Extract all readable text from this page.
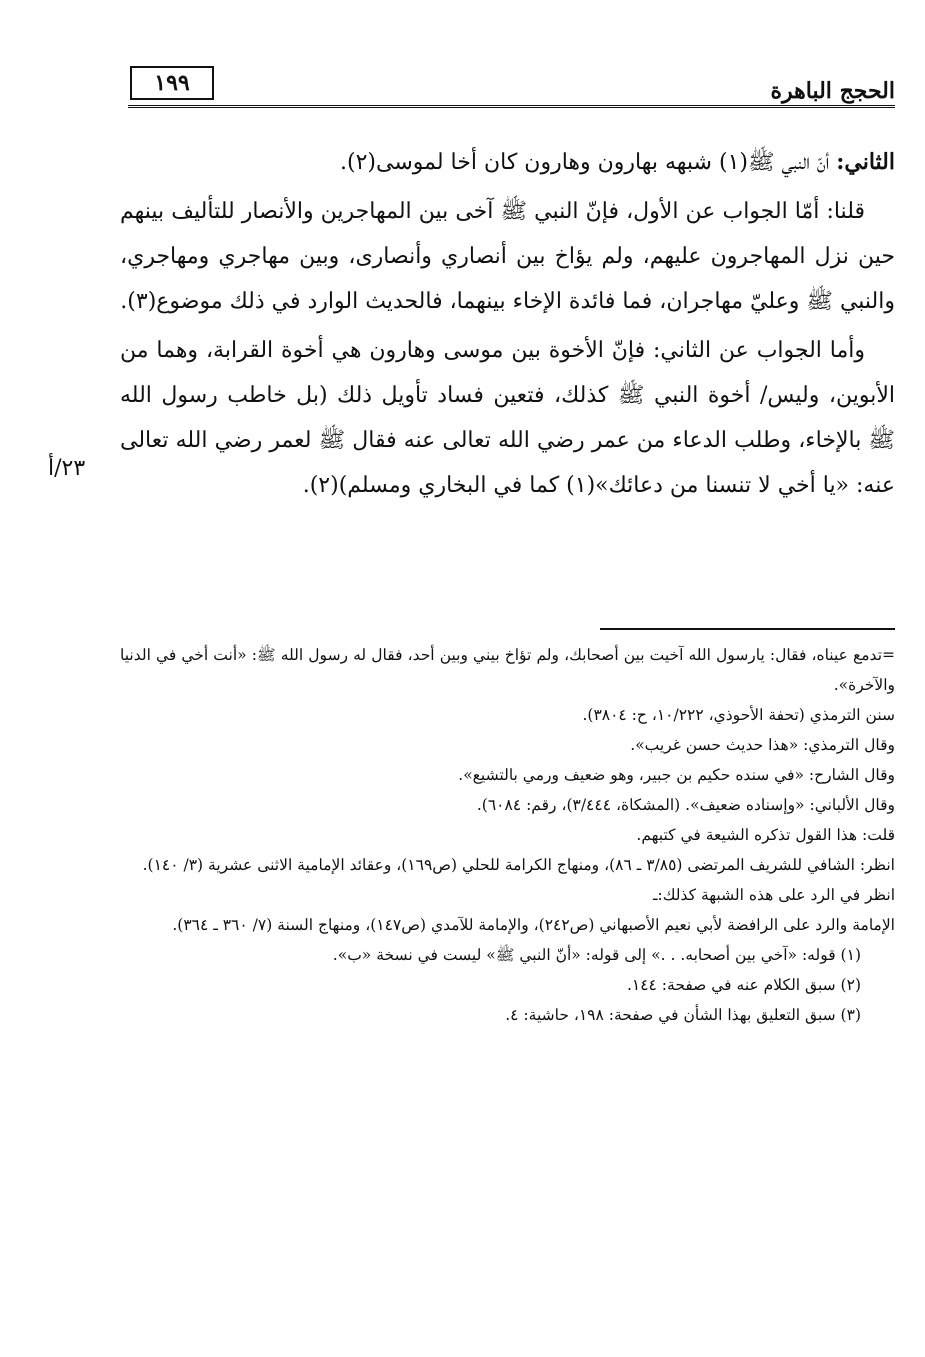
الحجج الباهرة
١٩٩

الثاني: أنّ النبي ﷺ(١) شبهه بهارون وهارون كان أخا لموسى(٢).

قلنا: أمّا الجواب عن الأول، فإنّ النبي ﷺ آخى بين المهاجرين والأنصار للتأليف بينهم حين نزل المهاجرون عليهم، ولم يؤاخ بين أنصاري وأنصارى، وبين مهاجري ومهاجري، والنبي ﷺ وعليّ مهاجران، فما فائدة الإخاء بينهما، فالحديث الوارد في ذلك موضوع(٣).

وأما الجواب عن الثاني: فإنّ الأخوة بين موسى وهارون هي أخوة القرابة، وهما من الأبوين، وليس/ أخوة النبي ﷺ كذلك، فتعين فساد تأويل ذلك (بل خاطب رسول الله ﷺ بالإخاء، وطلب الدعاء من عمر رضي الله تعالى عنه فقال ﷺ لعمر رضي الله تعالى عنه: «يا أخي لا تنسنا من دعائك»(١) كما في البخاري ومسلم)(٢).

٢٣/أ

=تدمع عيناه، فقال: يارسول الله آخيت بين أصحابك، ولم تؤاخ بيني وبين أحد، فقال له رسول الله ﷺ: «أنت أخي في الدنيا والآخرة».

سنن الترمذي (تحفة الأحوذي، ١٠/٢٢٢، ح: ٣٨٠٤).

وقال الترمذي: «هذا حديث حسن غريب».

وقال الشارح: «في سنده حكيم بن جبير، وهو ضعيف ورمي بالتشيع».

وقال الألباني: «وإسناده ضعيف». (المشكاة، ٣/٤٤٤)، رقم: ٦٠٨٤).

قلت: هذا القول تذكره الشيعة في كتبهم.

انظر: الشافي للشريف المرتضى (٣/٨٥ ـ ٨٦)، ومنهاج الكرامة للحلي (ص١٦٩)، وعقائد الإمامية الاثنى عشرية (٣/ ١٤٠).

انظر في الرد على هذه الشبهة كذلك:ـ

الإمامة والرد على الرافضة لأبي نعيم الأصبهاني (ص٢٤٢)، والإمامة للآمدي (ص١٤٧)، ومنهاج السنة (٧/ ٣٦٠ ـ ٣٦٤).

(١) قوله: «آخي بين أصحابه. . .» إلى قوله: «أنّ النبي ﷺ» ليست في نسخة «ب».

(٢) سبق الكلام عنه في صفحة: ١٤٤.

(٣) سبق التعليق بهذا الشأن في صفحة: ١٩٨، حاشية: ٤.
